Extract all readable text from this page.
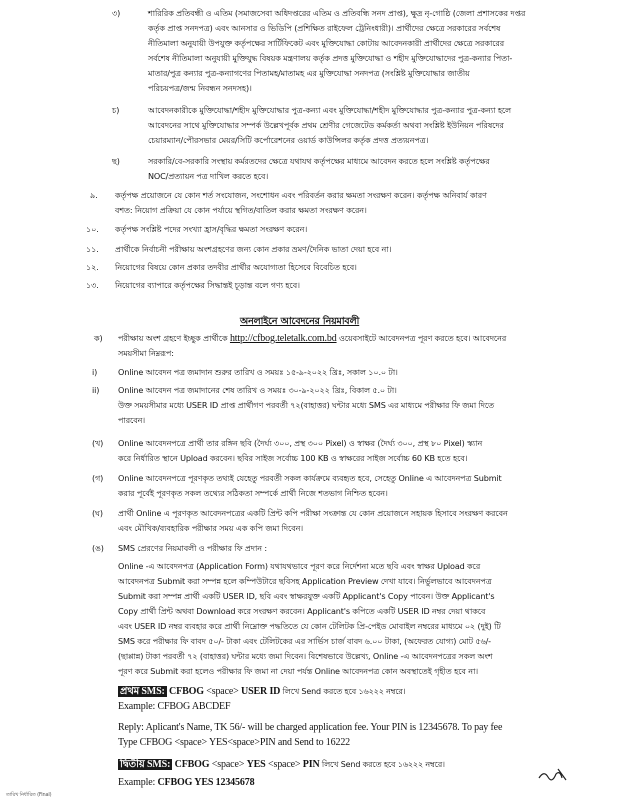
৩)	শারিরিক প্রতিবন্ধী ও এতিম (সমাজসেবা অধিদপ্তরের এতিম ও প্রতিবন্ধি সনদ প্রাপ্ত), ক্ষুদ্র নৃ-গোষ্ঠি (জেলা প্রশাসকের দপ্তর
কর্তৃক প্রাপ্ত সনদপত্র) এবং আনসার ও ভিডিপি (প্রশিক্ষিত রাইফেল ট্রেনিংধারী)। প্রার্থীদের ক্ষেত্রে সরকারের সর্বশেষ
নীতিমালা অনুযায়ী উপযুক্ত কর্তৃপক্ষের সার্টিফিকেট এবং মুক্তিযোদ্ধা কোটায় আবেদনকারী প্রার্থীদের ক্ষেত্রে সরকারের
সর্বশেষ নীতিমালা অনুযায়ী মুক্তিযুদ্ধ বিষয়ক মন্ত্রণালয় কর্তৃক প্রদত্ত মুক্তিযোদ্ধা ও শহীদ মুক্তিযোদ্ধাদের পুত্র-কন্যার পিতা-
মাতার/পুত্র কন্যার পুত্র-কন্যাগণের পিতামহ/মাতামহ এর মুক্তিযোদ্ধা সনদপত্র (সংশ্লিষ্ট মুক্তিযোদ্ধার জাতীয়
পরিচয়পত্র/জন্ম নিবন্ধন সনদসহ)।
চ)	আবেদনকারীকে মুক্তিযোদ্ধা/শহীদ মুক্তিযোদ্ধার পুত্র-কন্যা এবং মুক্তিযোদ্ধা/শহীদ মুক্তিযোদ্ধার পুত্র-কন্যার পুত্র-কন্যা হলে
আবেদনের সাথে মুক্তিযোদ্ধার সম্পর্ক উল্লেখপূর্বক প্রথম শ্রেণীর গেজেটেড কর্মকর্তা অথবা সংশ্লিষ্ট ইউনিয়ন পরিষদের
চেয়ারম্যান/পৌরসভার মেয়র/সিটি কর্পোরেশনের ওয়ার্ড কাউন্সিলর কর্তৃক প্রদত্ত প্রত্যয়নপত্র।
ছ)	সরকারি/বে-সরকারি সংস্থায় কর্মরতদের ক্ষেত্রে যথাযথ কর্তৃপক্ষের মাধ্যমে আবেদন করতে হলে সংশ্লিষ্ট কর্তৃপক্ষের
NOC/প্রত্যায়ন পত্র দাখিল করতে হবে।
৯. কর্তৃপক্ষ প্রয়োজনে যে কোন শর্ত সংযোজন, সংশোধন এবং পরিবর্তন করার ক্ষমতা সংরক্ষণ করেন। কর্তৃপক্ষ অনিবার্য কারণ
বশত: নিয়োগ প্রক্রিয়া যে কোন পর্যায়ে স্থগিত/বাতিল করার ক্ষমতা সংরক্ষণ করেন।
১০. কর্তৃপক্ষ সংশ্লিষ্ট পদের সংখ্যা হ্রাস/বৃদ্ধির ক্ষমতা সংরক্ষণ করেন।
১১. প্রার্থীকে নির্বাচনী পরীক্ষায় অংশগ্রহণের জন্য কোন প্রকার ভ্রমণ/দৈনিক ভাতা দেয়া হবে না।
১২. নিয়োগের বিষয়ে কোন প্রকার তদবীর প্রার্থীর অযোগ্যতা হিসেবে বিবেচিত হবে।
১৩. নিয়োগের ব্যাপারে কর্তৃপক্ষের সিদ্ধান্তই চূড়ান্ত বলে গণ্য হবে।
অনলাইনে আবেদনের নিয়মাবলী
ক) পরীক্ষায় অংশ গ্রহণে ইচ্ছুক প্রার্থীকে http://cfbog.teletalk.com.bd ওয়েবসাইটে আবেদনপত্র পূরণ করতে হবে। আবেদনের
সময়সীমা নিম্নরূপ:
i)	Online আবেদন পত্র জমাদান শুরুর তারিখ ও সময়ঃ ১৫-৯-২০২২ খ্রিঃ, সকাল ১০.০ টা।
ii) Online আবেদন পত্র জমাদানের শেষ তারিখ ও সময়ঃ ৩০-৯-২০২২ খ্রিঃ, বিকাল ৫.০ টা।
উক্ত সময়সীমার মধ্যে USER ID প্রাপ্ত প্রার্থীগণ পরবর্তী ৭২(বাহাত্তর) ঘন্টার মধ্যে SMS এর মাধ্যমে পরীক্ষার ফি জমা দিতে
পারবেন।
(খ) Online আবেদনপত্রে প্রার্থী তার রঙ্গিন ছবি (দৈর্ঘ্য ৩০০, প্রস্থ ৩০০ Pixel) ও স্বাক্ষর (দৈর্ঘ্য ৩০০, প্রস্থ ৮০ Pixel) স্ক্যান
করে নির্ধারিত স্থানে Upload করবেন। ছবির সাইজ সর্বোচ্চ 100 KB ও স্বাক্ষরের সাইজ সর্বোচ্চ 60 KB হতে হবে।
(গ) Online আবেদনপত্রে পূরণকৃত তথ্যই যেহেতু পরবর্তী সকল কার্যক্রমে ব্যবহৃত হবে, সেহেতু Online এ আবেদনপত্র Submit
করার পূর্বেই পূরণকৃত সকল তথ্যের সঠিকতা সম্পর্কে প্রার্থী নিজে শতভাগ নিশ্চিত হবেন।
(ঘ) প্রার্থী Online এ পূরণকৃত আবেদনপত্রের একটি প্রিন্ট কপি পরীক্ষা সংক্রান্ত যে কোন প্রয়োজনে সহায়ক হিসাবে সংরক্ষণ করবেন
এবং মৌখিক/ব্যবহারিক পরীক্ষার সময় এক কপি জমা দিবেন।
(ঙ) SMS প্রেরণের নিয়মাবলী ও পরীক্ষার ফি প্রদান :
Online -এ আবেদনপত্র (Application Form) যথাযথভাবে পূরণ করে নির্দেশনা মতে ছবি এবং স্বাক্ষর Upload করে
আবেদনপত্র Submit করা সম্পন্ন হলে কম্পিউটারে ছবিসহ Application Preview দেখা যাবে। নির্ভুলভাবে আবেদনপত্র
Submit করা সম্পন্ন প্রার্থী একটি USER ID, ছবি এবং স্বাক্ষরযুক্ত একটি Applicant's Copy পাবেন। উক্ত Applicant's
Copy প্রার্থী প্রিন্ট অথবা Download করে সংরক্ষণ করবেন। Applicant's কপিতে একটি USER ID নম্বর দেয়া থাকবে
এবং USER ID নম্বর ব্যবহার করে প্রার্থী নিম্নোক্ত পদ্ধতিতে যে কোন টেলিটক প্রি-পেইড মোবাইল নম্বরের মাধ্যমে ০২ (দুই) টি
SMS করে পরীক্ষার ফি বাবদ ৫০/- টাকা এবং টেলিটকের এর সার্ভিস চার্জ বাবদ ৬.০০ টাকা, (অফেরত যোগ্য) মোট ৫৬/-
(ছাপ্পান্ন) টাকা পরবর্তী ৭২ (বাহাত্তর) ঘন্টার মধ্যে জমা দিবেন। বিশেষভাবে উল্লেখ্য, Online -এ আবেদনপত্রের সকল অংশ
পূরণ করে Submit করা হলেও পরীক্ষার ফি জমা না দেয়া পর্যন্ত Online আবেদনপত্র কোন অবস্থাতেই গৃহীত হবে না।
প্রথম SMS: CFBOG <space> USER ID লিখে Send করতে হবে ১৬২২২ নম্বরে।
Example: CFBOG ABCDEF
Reply: Aplicant's Name, TK 56/- will be charged application fee. Your PIN is 12345678. To pay fee
Type CFBOG <space> YES<space>PIN and Send to 16222
দ্বিতীয় SMS: CFBOG <space> YES <space> PIN লিখে Send করতে হবে ১৬২২২ নম্বরে।
Example: CFBOG YES 12345678
তারিখ নির্ধারিত (Final)
